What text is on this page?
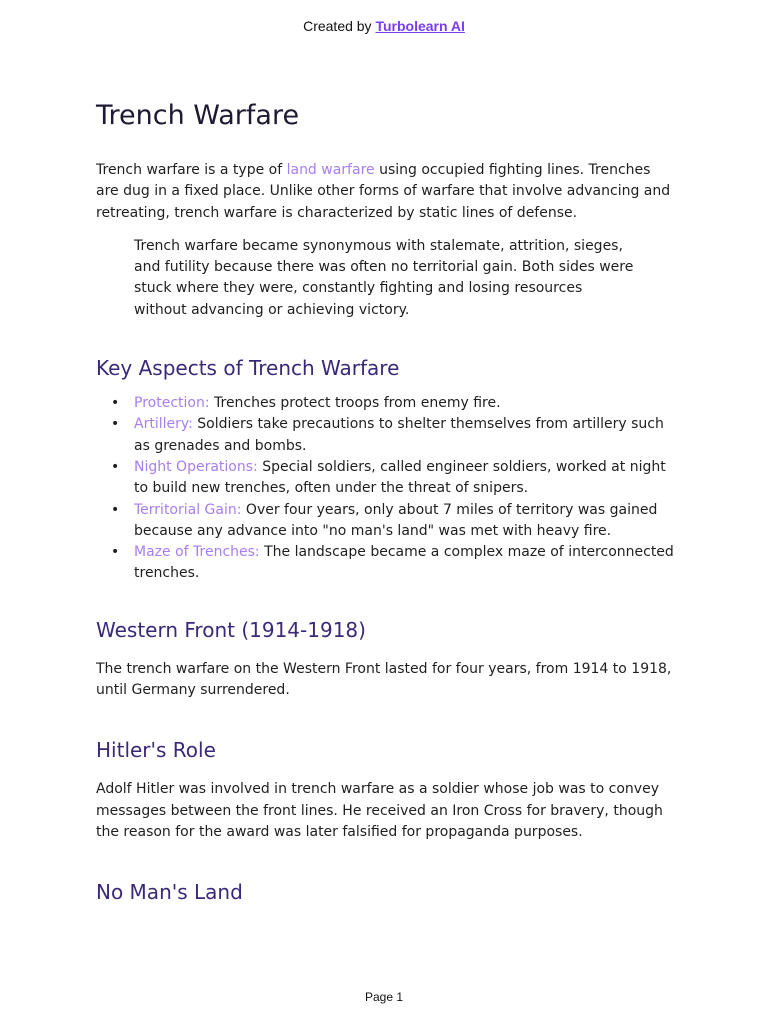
Created by Turbolearn AI
Trench Warfare

Trench warfare is a type of land warfare using occupied fighting lines. Trenches are dug in a fixed place. Unlike other forms of warfare that involve advancing and retreating, trench warfare is characterized by static lines of defense.

Trench warfare became synonymous with stalemate, attrition, sieges, and futility because there was often no territorial gain. Both sides were stuck where they were, constantly fighting and losing resources without advancing or achieving victory.

Key Aspects of Trench Warfare
• Protection: Trenches protect troops from enemy fire.
• Artillery: Soldiers take precautions to shelter themselves from artillery such as grenades and bombs.
• Night Operations: Special soldiers, called engineer soldiers, worked at night to build new trenches, often under the threat of snipers.
• Territorial Gain: Over four years, only about 7 miles of territory was gained because any advance into "no man's land" was met with heavy fire.
• Maze of Trenches: The landscape became a complex maze of interconnected trenches.
Western Front (1914-1918)

The trench warfare on the Western Front lasted for four years, from 1914 to 1918, until Germany surrendered.

Hitler's Role

Adolf Hitler was involved in trench warfare as a soldier whose job was to convey messages between the front lines. He received an Iron Cross for bravery, though the reason for the award was later falsified for propaganda purposes.

No Man's Land
Page 1
